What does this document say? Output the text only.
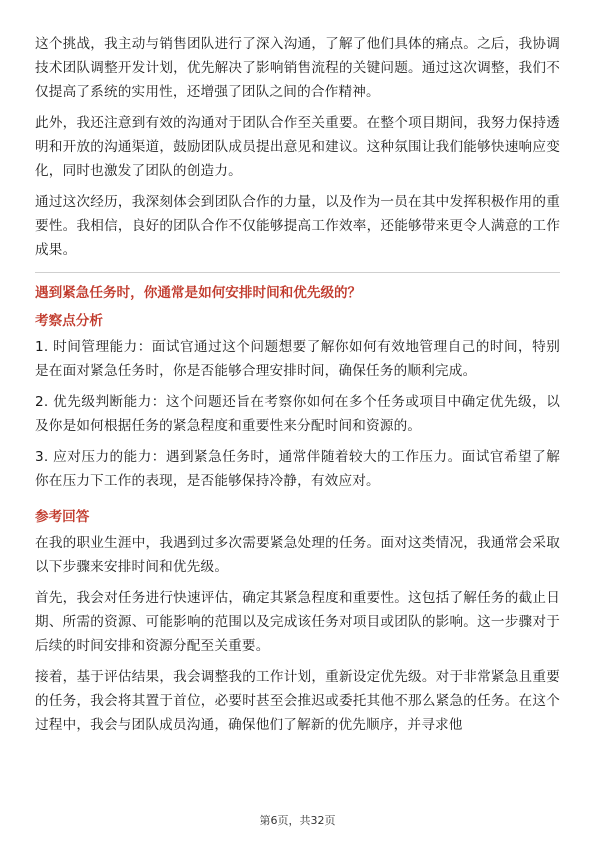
这个挑战，我主动与销售团队进行了深入沟通，了解了他们具体的痛点。之后，我协调技术团队调整开发计划，优先解决了影响销售流程的关键问题。通过这次调整，我们不仅提高了系统的实用性，还增强了团队之间的合作精神。

此外，我还注意到有效的沟通对于团队合作至关重要。在整个项目期间，我努力保持透明和开放的沟通渠道，鼓励团队成员提出意见和建议。这种氛围让我们能够快速响应变化，同时也激发了团队的创造力。

通过这次经历，我深刻体会到团队合作的力量，以及作为一员在其中发挥积极作用的重要性。我相信，良好的团队合作不仅能够提高工作效率，还能够带来更令人满意的工作成果。

遇到紧急任务时，你通常是如何安排时间和优先级的？
考察点分析

1. 时间管理能力：面试官通过这个问题想要了解你如何有效地管理自己的时间，特别是在面对紧急任务时，你是否能够合理安排时间，确保任务的顺利完成。

2. 优先级判断能力：这个问题还旨在考察你如何在多个任务或项目中确定优先级，以及你是如何根据任务的紧急程度和重要性来分配时间和资源的。

3. 应对压力的能力：遇到紧急任务时，通常伴随着较大的工作压力。面试官希望了解你在压力下工作的表现，是否能够保持冷静，有效应对。

参考回答

在我的职业生涯中，我遇到过多次需要紧急处理的任务。面对这类情况，我通常会采取以下步骤来安排时间和优先级。

首先，我会对任务进行快速评估，确定其紧急程度和重要性。这包括了解任务的截止日期、所需的资源、可能影响的范围以及完成该任务对项目或团队的影响。这一步骤对于后续的时间安排和资源分配至关重要。

接着，基于评估结果，我会调整我的工作计划，重新设定优先级。对于非常紧急且重要的任务，我会将其置于首位，必要时甚至会推迟或委托其他不那么紧急的任务。在这个过程中，我会与团队成员沟通，确保他们了解新的优先顺序，并寻求他

第6页，共32页
